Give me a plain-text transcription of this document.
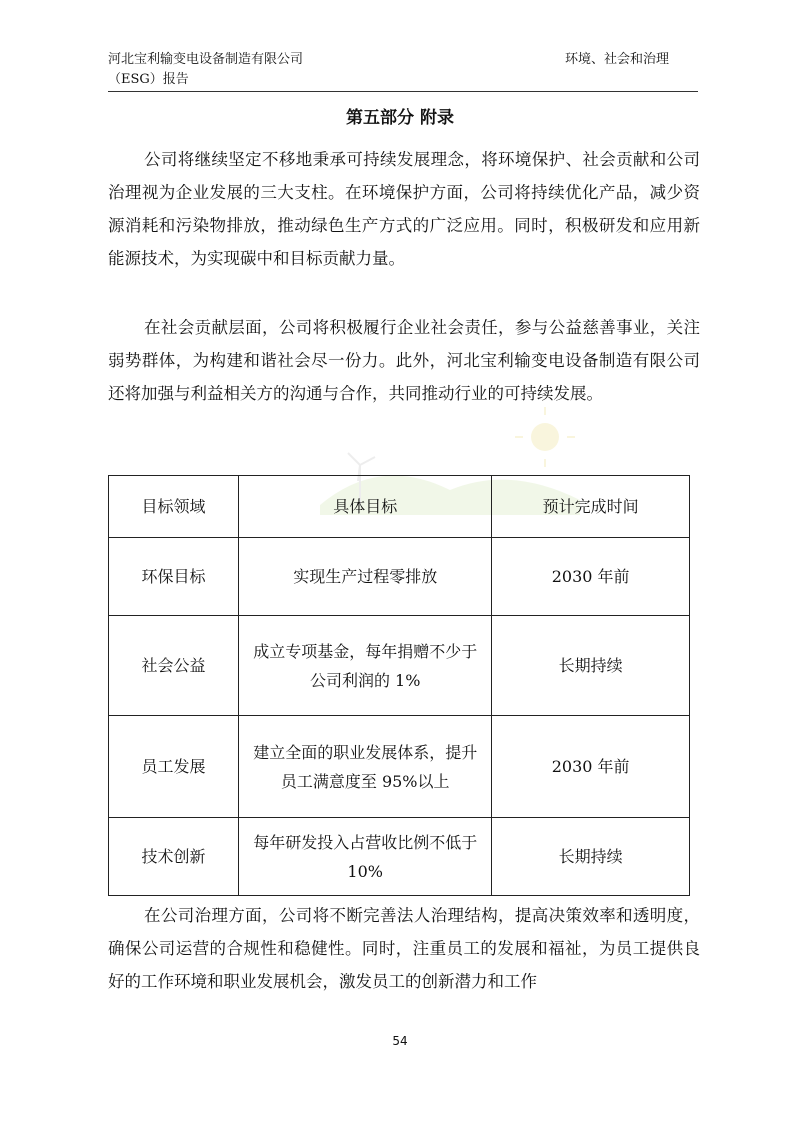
河北宝利输变电设备制造有限公司
（ESG）报告
环境、社会和治理
第五部分 附录

公司将继续坚定不移地秉承可持续发展理念，将环境保护、社会贡献和公司治理视为企业发展的三大支柱。在环境保护方面，公司将持续优化产品，减少资源消耗和污染物排放，推动绿色生产方式的广泛应用。同时，积极研发和应用新能源技术，为实现碳中和目标贡献力量。

在社会贡献层面，公司将积极履行企业社会责任，参与公益慈善事业，关注弱势群体，为构建和谐社会尽一份力。此外，河北宝利输变电设备制造有限公司还将加强与利益相关方的沟通与合作，共同推动行业的可持续发展。

目标领域	具体目标	预计完成时间
环保目标	实现生产过程零排放	2030 年前
社会公益	成立专项基金，每年捐赠不少于公司利润的 1%	长期持续
员工发展	建立全面的职业发展体系，提升员工满意度至 95%以上	2030 年前
技术创新	每年研发投入占营收比例不低于 10%	长期持续

在公司治理方面，公司将不断完善法人治理结构，提高决策效率和透明度，确保公司运营的合规性和稳健性。同时，注重员工的发展和福祉，为员工提供良好的工作环境和职业发展机会，激发员工的创新潜力和工作

54
